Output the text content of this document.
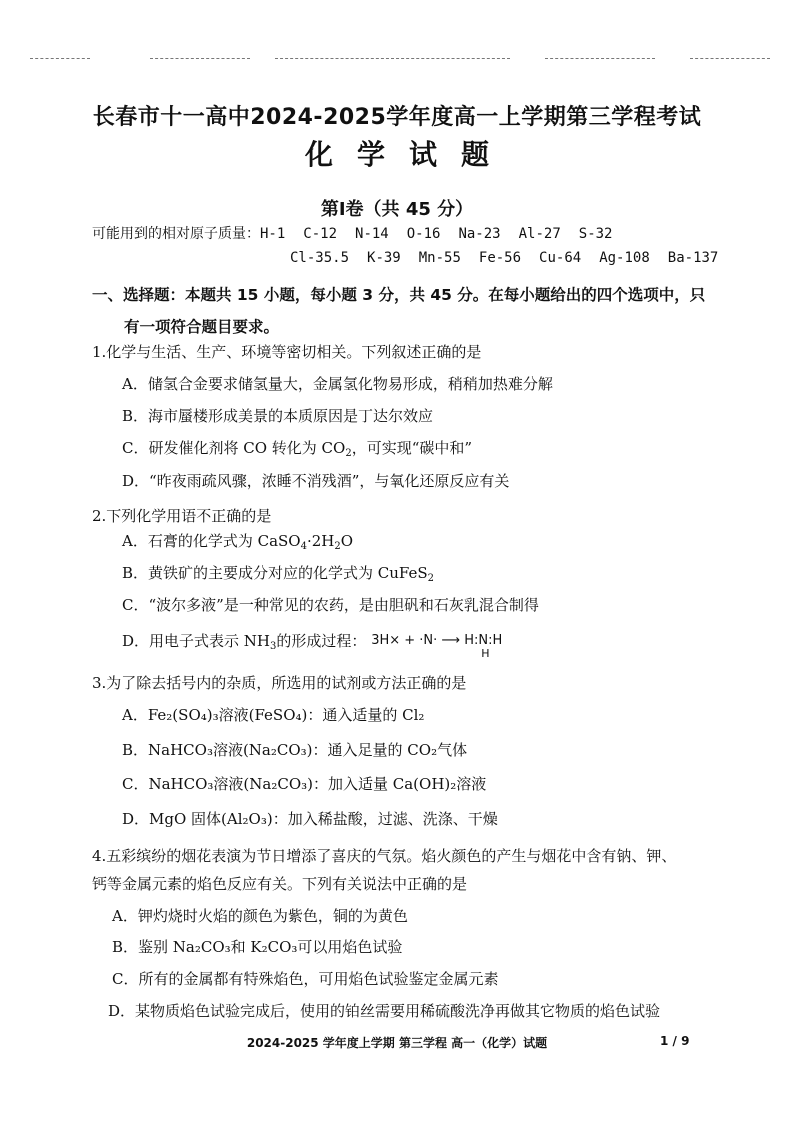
长春市十一高中2024-2025学年度高一上学期第三学程考试
化 学 试 题
第Ⅰ卷（共 45 分）
可能用到的相对原子质量：H-1 C-12 N-14 O-16 Na-23 Al-27 S-32
Cl-35.5 K-39 Mn-55 Fe-56 Cu-64 Ag-108 Ba-137
一、选择题：本题共 15 小题，每小题 3 分，共 45 分。在每小题给出的四个选项中，只
有一项符合题目要求。
1.化学与生活、生产、环境等密切相关。下列叙述正确的是
A．储氢合金要求储氢量大，金属氢化物易形成，稍稍加热难分解
B．海市蜃楼形成美景的本质原因是丁达尔效应
C．研发催化剂将 CO 转化为 $CO_2$，可实现“碳中和”
D．“昨夜雨疏风骤，浓睡不消残酒”，与氧化还原反应有关
2.下列化学用语不正确的是
A．石膏的化学式为 $CaSO_4\cdot 2H_2O$
B．黄铁矿的主要成分对应的化学式为 CuFeS$_2$
C．“波尔多液”是一种常见的农药，是由胆矾和石灰乳混合制得
D．用电子式表示 $NH_3$的形成过程： 3H× + ·N· ⟶ H:N:H
H
3.为了除去括号内的杂质，所选用的试剂或方法正确的是
A．Fe₂(SO₄)₃溶液(FeSO₄)：通入适量的 Cl₂
B．NaHCO₃溶液(Na₂CO₃)：通入足量的 CO₂气体
C．NaHCO₃溶液(Na₂CO₃)：加入适量 Ca(OH)₂溶液
D．MgO 固体(Al₂O₃)：加入稀盐酸，过滤、洗涤、干燥
4.五彩缤纷的烟花表演为节日增添了喜庆的气氛。焰火颜色的产生与烟花中含有钠、钾、
钙等金属元素的焰色反应有关。下列有关说法中正确的是
A．钾灼烧时火焰的颜色为紫色，铜的为黄色
B．鉴别 Na₂CO₃和 K₂CO₃可以用焰色试验
C．所有的金属都有特殊焰色，可用焰色试验鉴定金属元素
D．某物质焰色试验完成后，使用的铂丝需要用稀硫酸洗净再做其它物质的焰色试验
2024-2025 学年度上学期 第三学程 高一（化学）试题	1 / 9
